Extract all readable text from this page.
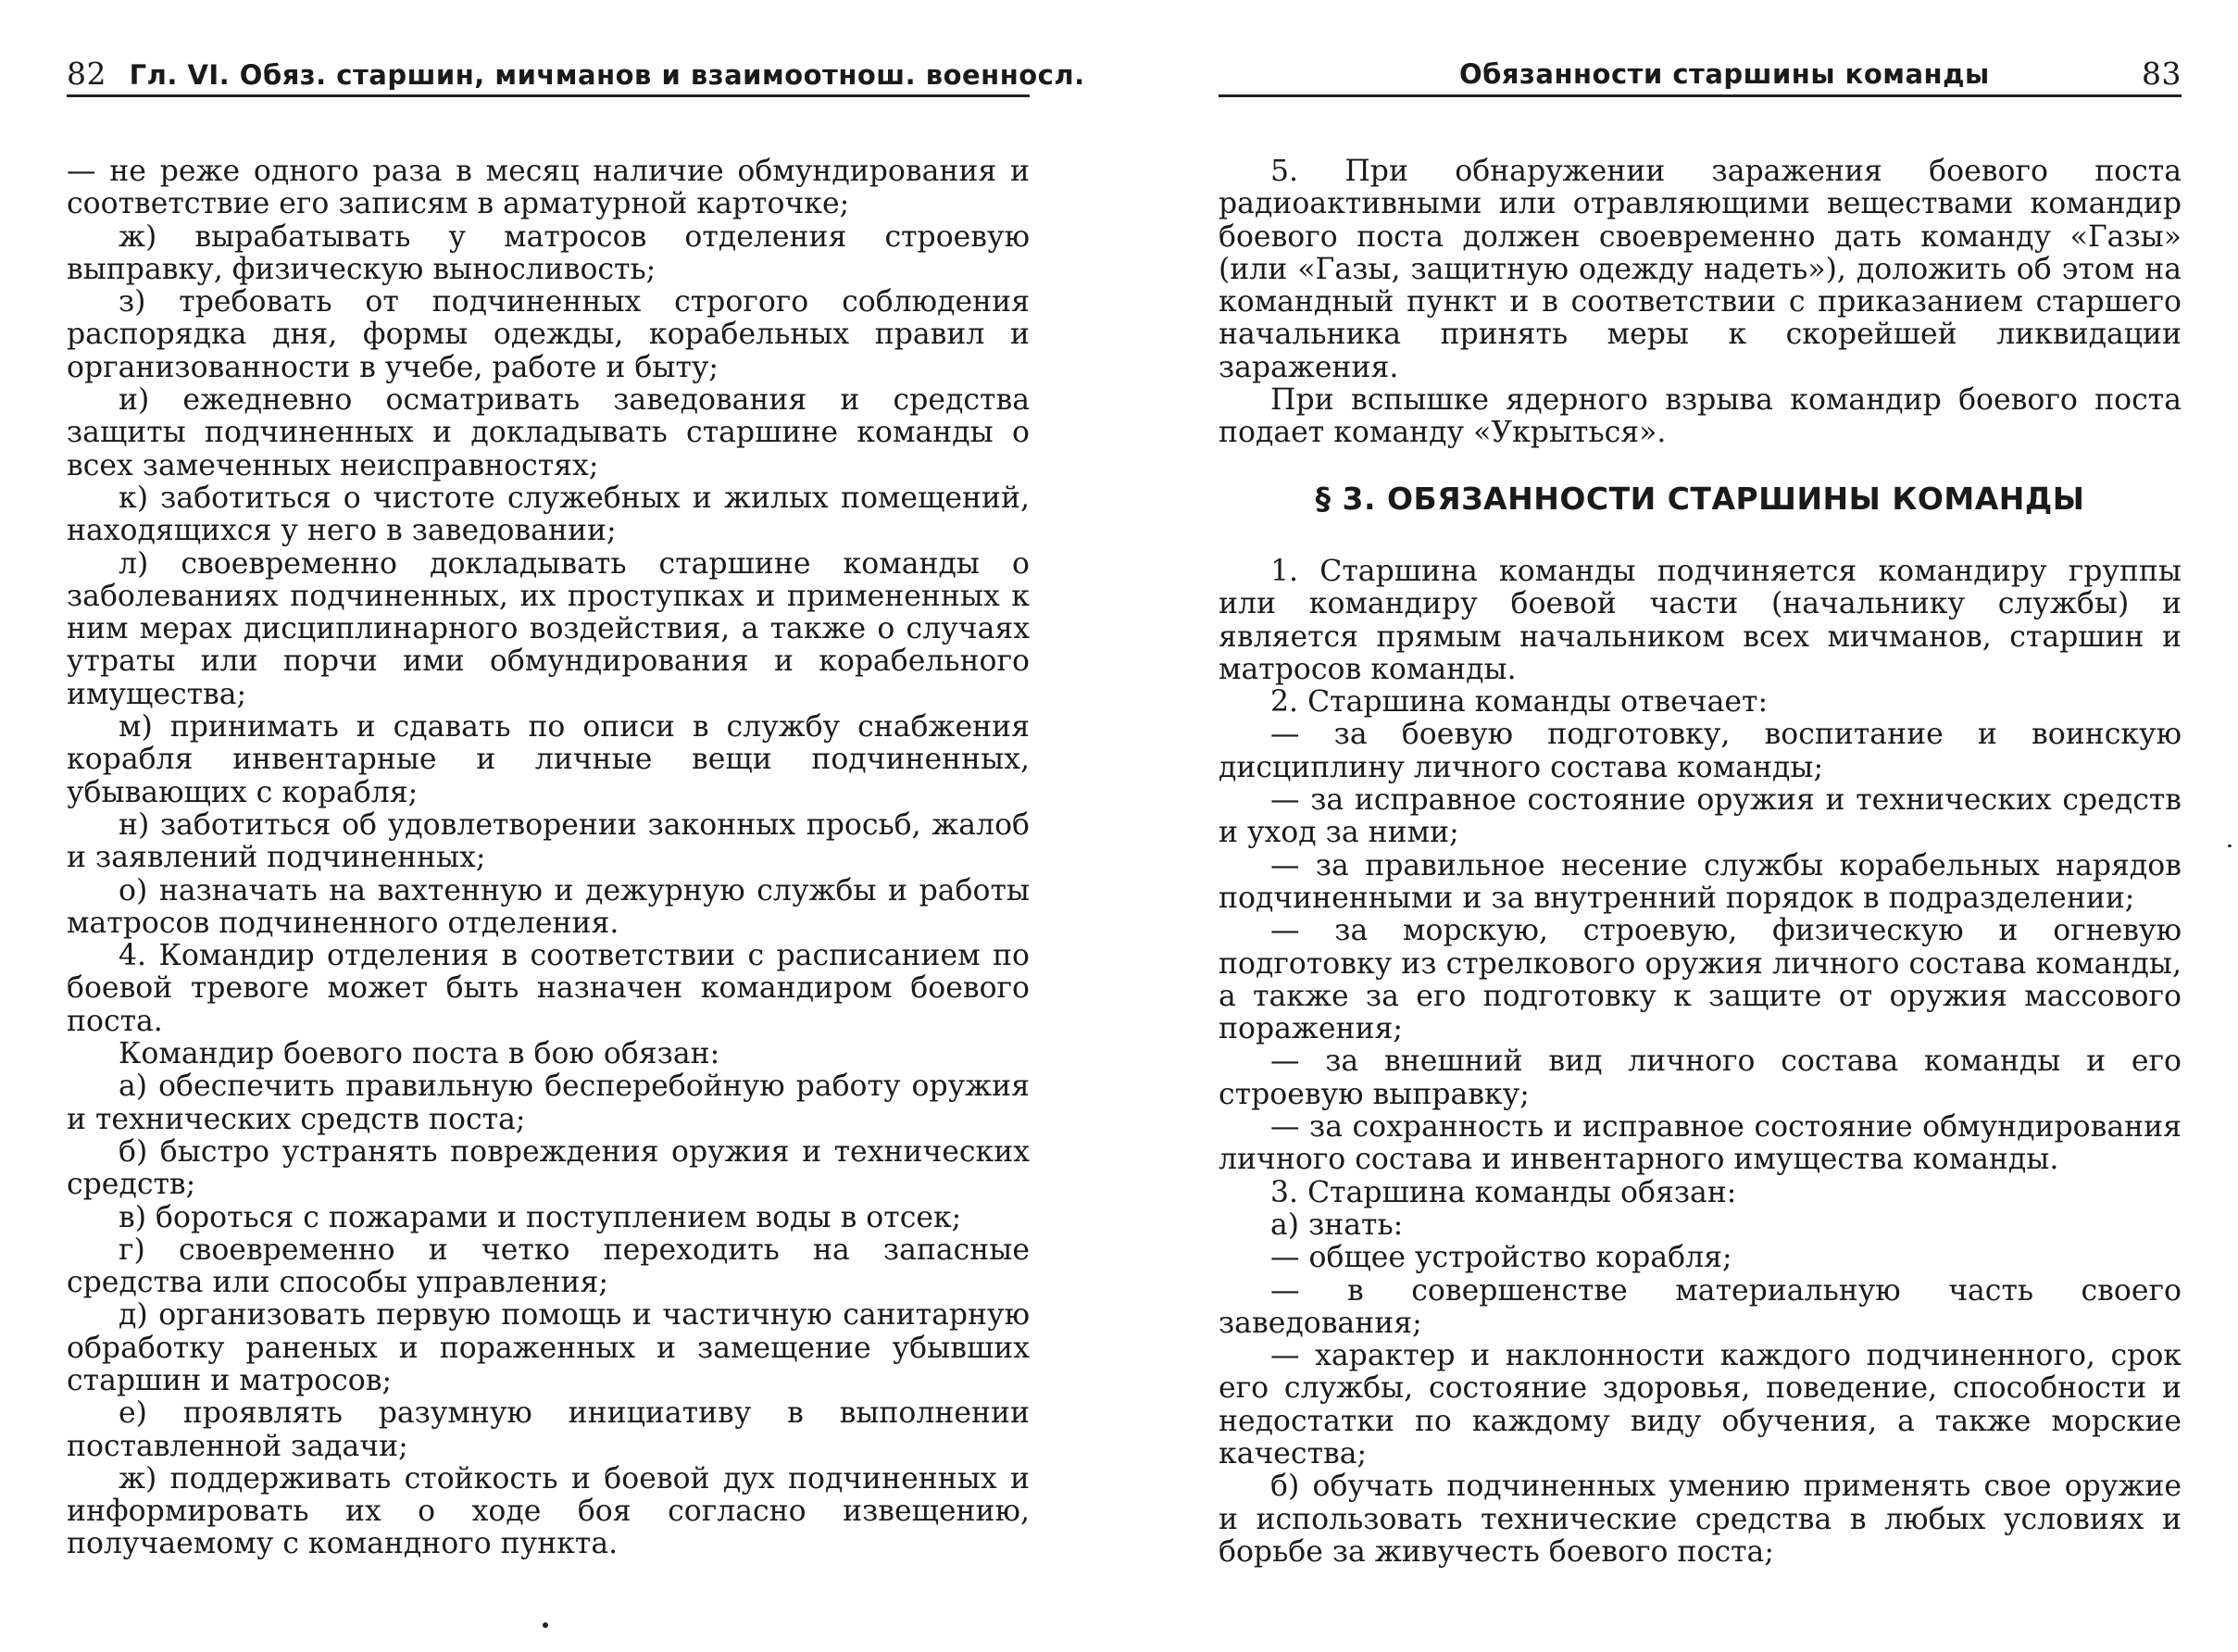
82 Гл. VI. Обяз. старшин, мичманов и взаимоотнош. военносл.

— не реже одного раза в месяц наличие обмундирования и соответствие его записям в арматурной карточке;

ж) вырабатывать у матросов отделения строевую выправку, физическую выносливость;

з) требовать от подчиненных строгого соблюдения распорядка дня, формы одежды, корабельных правил и организованности в учебе, работе и быту;

и) ежедневно осматривать заведования и средства защиты подчиненных и докладывать старшине команды о всех замеченных неисправностях;

к) заботиться о чистоте служебных и жилых помещений, находящихся у него в заведовании;

л) своевременно докладывать старшине команды о заболеваниях подчиненных, их проступках и примененных к ним мерах дисциплинарного воздействия, а также о случаях утраты или порчи ими обмундирования и корабельного имущества;

м) принимать и сдавать по описи в службу снабжения корабля инвентарные и личные вещи подчиненных, убывающих с корабля;

н) заботиться об удовлетворении законных просьб, жалоб и заявлений подчиненных;

о) назначать на вахтенную и дежурную службы и работы матросов подчиненного отделения.

4. Командир отделения в соответствии с расписанием по боевой тревоге может быть назначен командиром боевого поста.

Командир боевого поста в бою обязан:

а) обеспечить правильную бесперебойную работу оружия и технических средств поста;

б) быстро устранять повреждения оружия и технических средств;

в) бороться с пожарами и поступлением воды в отсек;

г) своевременно и четко переходить на запасные средства или способы управления;

д) организовать первую помощь и частичную санитарную обработку раненых и пораженных и замещение убывших старшин и матросов;

е) проявлять разумную инициативу в выполнении поставленной задачи;

ж) поддерживать стойкость и боевой дух подчиненных и информировать их о ходе боя согласно извещению, получаемому с командного пункта.

Обязанности старшины команды	83

5. При обнаружении заражения боевого поста радиоактивными или отравляющими веществами командир боевого поста должен своевременно дать команду «Газы» (или «Газы, защитную одежду надеть»), доложить об этом на командный пункт и в соответствии с приказанием старшего начальника принять меры к скорейшей ликвидации заражения.

При вспышке ядерного взрыва командир боевого поста подает команду «Укрыться».

§ 3. ОБЯЗАННОСТИ СТАРШИНЫ КОМАНДЫ

1. Старшина команды подчиняется командиру группы или командиру боевой части (начальнику службы) и является прямым начальником всех мичманов, старшин и матросов команды.

2. Старшина команды отвечает:

— за боевую подготовку, воспитание и воинскую дисциплину личного состава команды;

— за исправное состояние оружия и технических средств и уход за ними;

— за правильное несение службы корабельных нарядов подчиненными и за внутренний порядок в подразделении;

— за морскую, строевую, физическую и огневую подготовку из стрелкового оружия личного состава команды, а также за его подготовку к защите от оружия массового поражения;

— за внешний вид личного состава команды и его строевую выправку;

— за сохранность и исправное состояние обмундирования личного состава и инвентарного имущества команды.

3. Старшина команды обязан:

а) знать:

— общее устройство корабля;

— в совершенстве материальную часть своего заведования;

— характер и наклонности каждого подчиненного, срок его службы, состояние здоровья, поведение, способности и недостатки по каждому виду обучения, а также морские качества;

б) обучать подчиненных умению применять свое оружие и использовать технические средства в любых условиях и борьбе за живучесть боевого поста;
